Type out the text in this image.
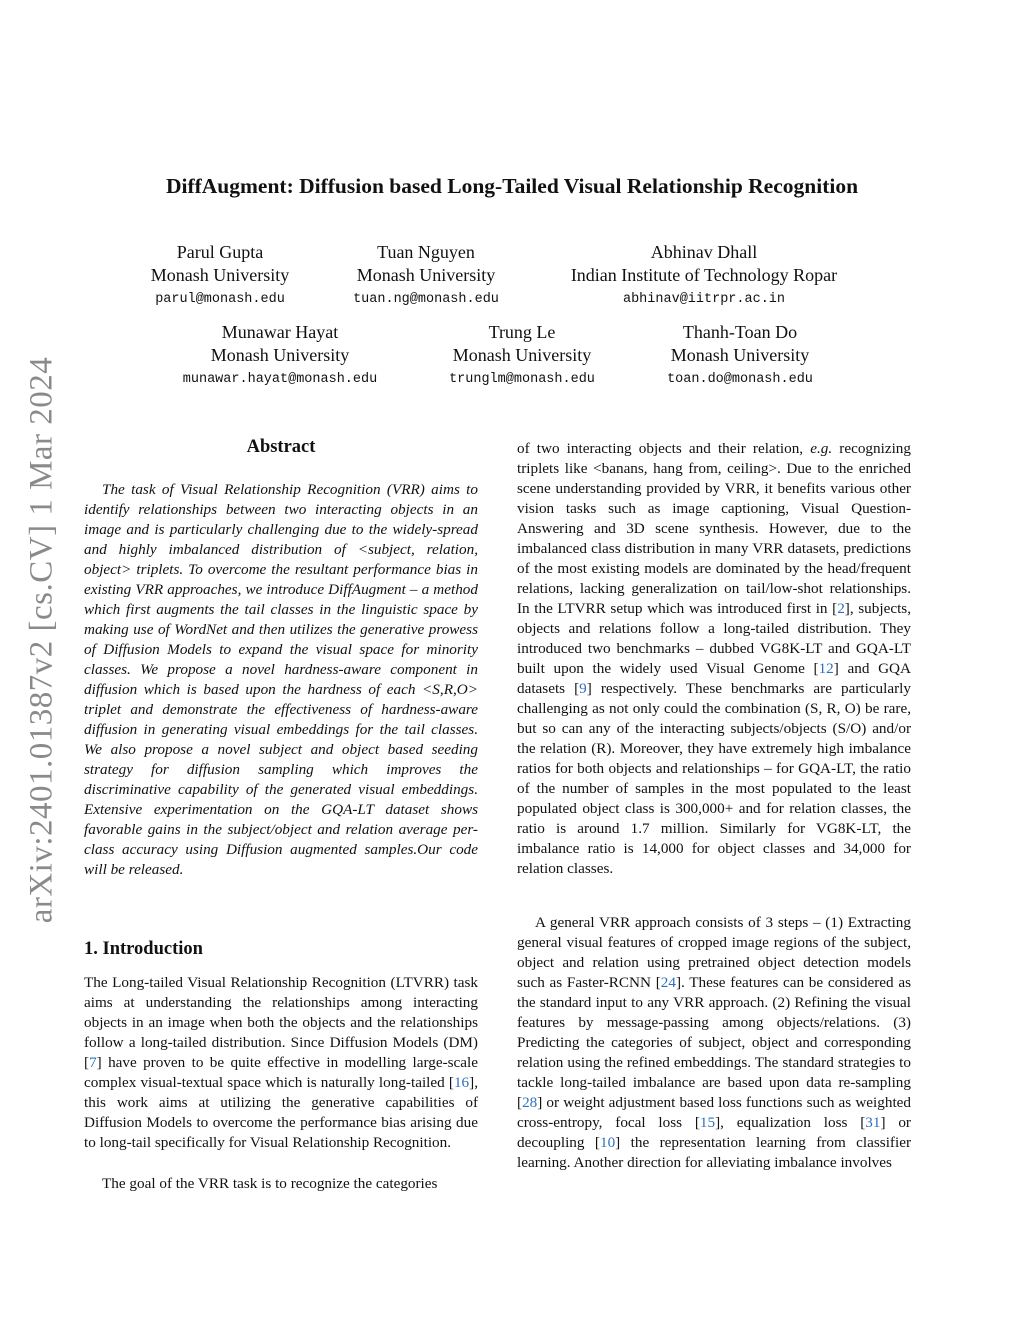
arXiv:2401.01387v2 [cs.CV] 1 Mar 2024
DiffAugment: Diffusion based Long-Tailed Visual Relationship Recognition
Parul Gupta
Monash University
parul@monash.edu
Tuan Nguyen
Monash University
tuan.ng@monash.edu
Abhinav Dhall
Indian Institute of Technology Ropar
abhinav@iitrpr.ac.in
Munawar Hayat
Monash University
munawar.hayat@monash.edu
Trung Le
Monash University
trunglm@monash.edu
Thanh-Toan Do
Monash University
toan.do@monash.edu
Abstract

The task of Visual Relationship Recognition (VRR) aims to identify relationships between two interacting objects in an image and is particularly challenging due to the widely-spread and highly imbalanced distribution of <subject, relation, object> triplets. To overcome the resultant performance bias in existing VRR approaches, we introduce DiffAugment – a method which first augments the tail classes in the linguistic space by making use of WordNet and then utilizes the generative prowess of Diffusion Models to expand the visual space for minority classes. We propose a novel hardness-aware component in diffusion which is based upon the hardness of each <S,R,O> triplet and demonstrate the effectiveness of hardness-aware diffusion in generating visual embeddings for the tail classes. We also propose a novel subject and object based seeding strategy for diffusion sampling which improves the discriminative capability of the generated visual embeddings. Extensive experimentation on the GQA-LT dataset shows favorable gains in the subject/object and relation average per-class accuracy using Diffusion augmented samples.Our code will be released.

1. Introduction

The Long-tailed Visual Relationship Recognition (LTVRR) task aims at understanding the relationships among interacting objects in an image when both the objects and the relationships follow a long-tailed distribution. Since Diffusion Models (DM) [7] have proven to be quite effective in modelling large-scale complex visual-textual space which is naturally long-tailed [16], this work aims at utilizing the generative capabilities of Diffusion Models to overcome the performance bias arising due to long-tail specifically for Visual Relationship Recognition.

The goal of the VRR task is to recognize the categories

of two interacting objects and their relation, e.g. recognizing triplets like <banans, hang from, ceiling>. Due to the enriched scene understanding provided by VRR, it benefits various other vision tasks such as image captioning, Visual Question-Answering and 3D scene synthesis. However, due to the imbalanced class distribution in many VRR datasets, predictions of the most existing models are dominated by the head/frequent relations, lacking generalization on tail/low-shot relationships. In the LTVRR setup which was introduced first in [2], subjects, objects and relations follow a long-tailed distribution. They introduced two benchmarks – dubbed VG8K-LT and GQA-LT built upon the widely used Visual Genome [12] and GQA datasets [9] respectively. These benchmarks are particularly challenging as not only could the combination (S, R, O) be rare, but so can any of the interacting subjects/objects (S/O) and/or the relation (R). Moreover, they have extremely high imbalance ratios for both objects and relationships – for GQA-LT, the ratio of the number of samples in the most populated to the least populated object class is 300,000+ and for relation classes, the ratio is around 1.7 million. Similarly for VG8K-LT, the imbalance ratio is 14,000 for object classes and 34,000 for relation classes.

A general VRR approach consists of 3 steps – (1) Extracting general visual features of cropped image regions of the subject, object and relation using pretrained object detection models such as Faster-RCNN [24]. These features can be considered as the standard input to any VRR approach. (2) Refining the visual features by message-passing among objects/relations. (3) Predicting the categories of subject, object and corresponding relation using the refined embeddings. The standard strategies to tackle long-tailed imbalance are based upon data re-sampling [28] or weight adjustment based loss functions such as weighted cross-entropy, focal loss [15], equalization loss [31] or decoupling [10] the representation learning from classifier learning. Another direction for alleviating imbalance involves
